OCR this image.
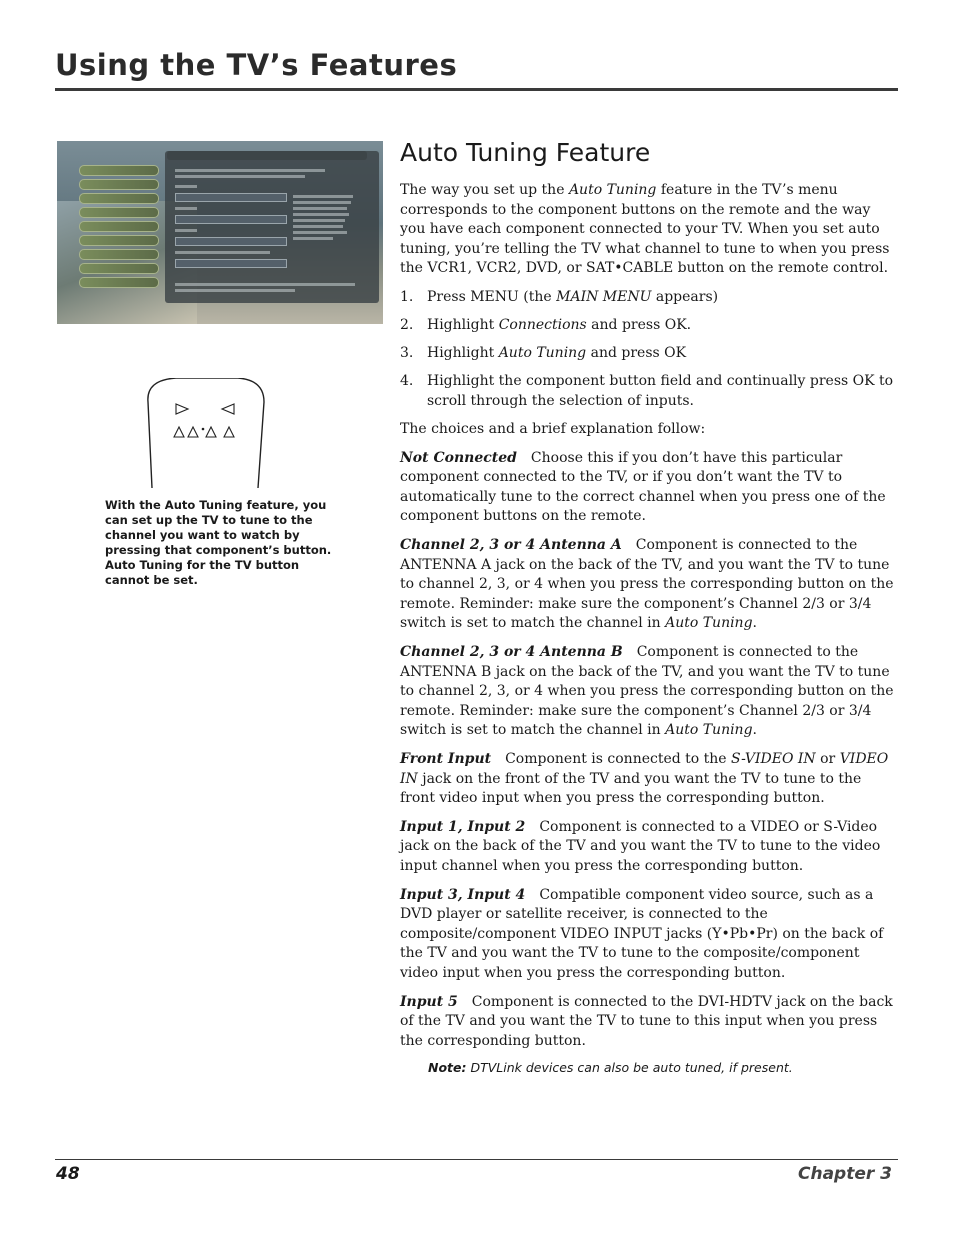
Using the TV’s Features

With the Auto Tuning feature, you can set up the TV to tune to the channel you want to watch by pressing that component’s button. Auto Tuning for the TV button cannot be set.

Auto Tuning Feature

The way you set up the Auto Tuning feature in the TV’s menu corresponds to the component buttons on the remote and the way you have each component connected to your TV. When you set auto tuning, you’re telling the TV what channel to tune to when you press the VCR1, VCR2, DVD, or SAT•CABLE button on the remote control.

1. Press MENU (the MAIN MENU appears)
2. Highlight Connections and press OK.
3. Highlight Auto Tuning and press OK
4. Highlight the component button field and continually press OK to scroll through the selection of inputs.

The choices and a brief explanation follow:

Not Connected Choose this if you don’t have this particular component connected to the TV, or if you don’t want the TV to automatically tune to the correct channel when you press one of the component buttons on the remote.

Channel 2, 3 or 4 Antenna A Component is connected to the ANTENNA A jack on the back of the TV, and you want the TV to tune to channel 2, 3, or 4 when you press the corresponding button on the remote. Reminder: make sure the component’s Channel 2/3 or 3/4 switch is set to match the channel in Auto Tuning.

Channel 2, 3 or 4 Antenna B Component is connected to the ANTENNA B jack on the back of the TV, and you want the TV to tune to channel 2, 3, or 4 when you press the corresponding button on the remote. Reminder: make sure the component’s Channel 2/3 or 3/4 switch is set to match the channel in Auto Tuning.

Front Input Component is connected to the S-VIDEO IN or VIDEO IN jack on the front of the TV and you want the TV to tune to the front video input when you press the corresponding button.

Input 1, Input 2 Component is connected to a VIDEO or S-Video jack on the back of the TV and you want the TV to tune to the video input channel when you press the corresponding button.

Input 3, Input 4 Compatible component video source, such as a DVD player or satellite receiver, is connected to the composite/component VIDEO INPUT jacks (Y•Pb•Pr) on the back of the TV and you want the TV to tune to the composite/component video input when you press the corresponding button.

Input 5 Component is connected to the DVI-HDTV jack on the back of the TV and you want the TV to tune to this input when you press the corresponding button.

Note: DTVLink devices can also be auto tuned, if present.

48	Chapter 3
